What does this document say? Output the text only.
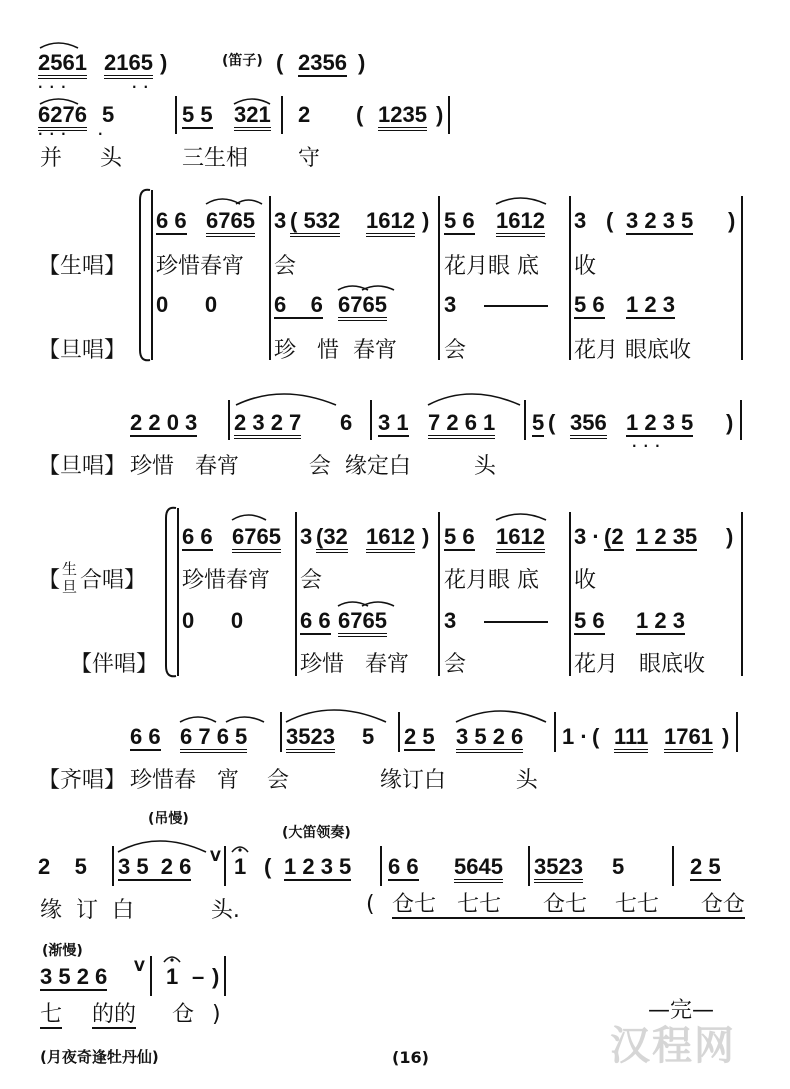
···	··
··· ·
···
(笛子)
2561 2165 )	( 2356 )
6276 5	5 5 321 2 ( 1235 )
并 头	三生相 守
【生唱】
【旦唱】
6 6 6765 3 ( 532 1612 ) 5 6 1612 3 ( 3 2 3 5 )
珍惜春宵 会	花月眼 底 收
0      0	6    6 6765	3	5 6 1 2 3
珍   惜  春宵 会	花月 眼底收
2 2 0 3 2 3 2 7 6 3 1 7 2 6 1 5 ( 356 1 2 3 5 )
【旦唱】 珍惜   春宵          会  缘定白         头
【 生
旦 合唱】
【伴唱】
6 6 6765 3 (32 1612 ) 5 6 1612 3 · (2 1 2 35 )
珍惜春宵 会	花月眼 底 收
0      0	6 6 6765	3	5 6 1 2 3
珍惜   春宵 会	花月   眼底收
6 6 6 7 6 5 3523 5 2 5 3 5 2 6 1 · ( 111 1761 )
【齐唱】 珍惜春   宵    会             缘订白          头
(吊慢)
(大笛领奏)
2    5 3 5  2 6 V 1 ( 1 2 3 5 6 6 5645 3523 5	2 5
缘  订  白           头.	( 仓七   七七      仓七    七七      仓仓
(渐慢)
3 5 2 6 V 1 – )
七 的的 仓 )	—完—
(月夜奇逢牡丹仙)	(16)	汉程网
